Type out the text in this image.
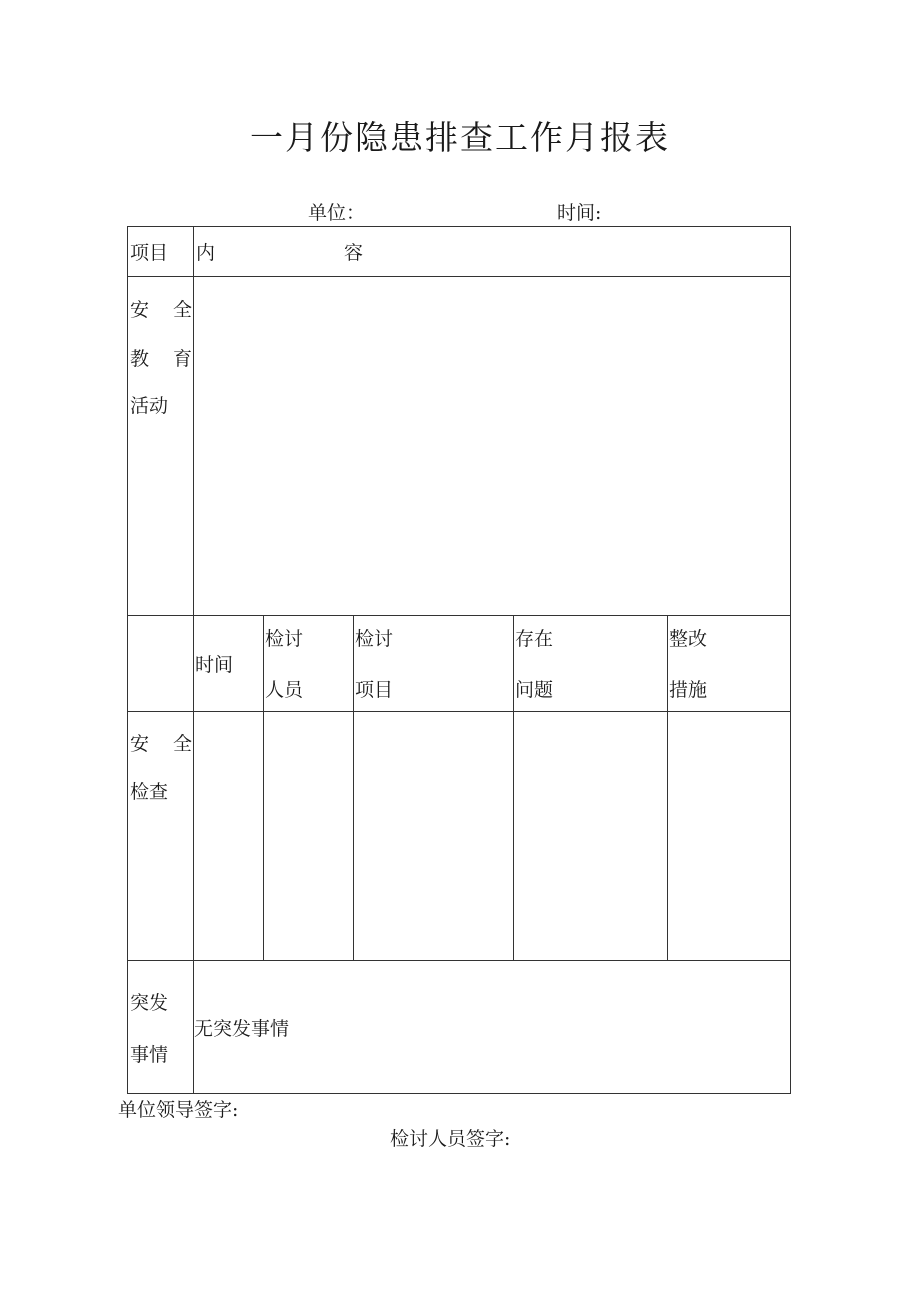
一月份隐患排查工作月报表
单位：	时间:
项目 内	容
安 全
教 育
活动
时间
检讨
人员
检讨
项目
存在
问题
整改
措施
安 全
检查
突发
事情
无突发事情
单位领导签字:
检讨人员签字:
